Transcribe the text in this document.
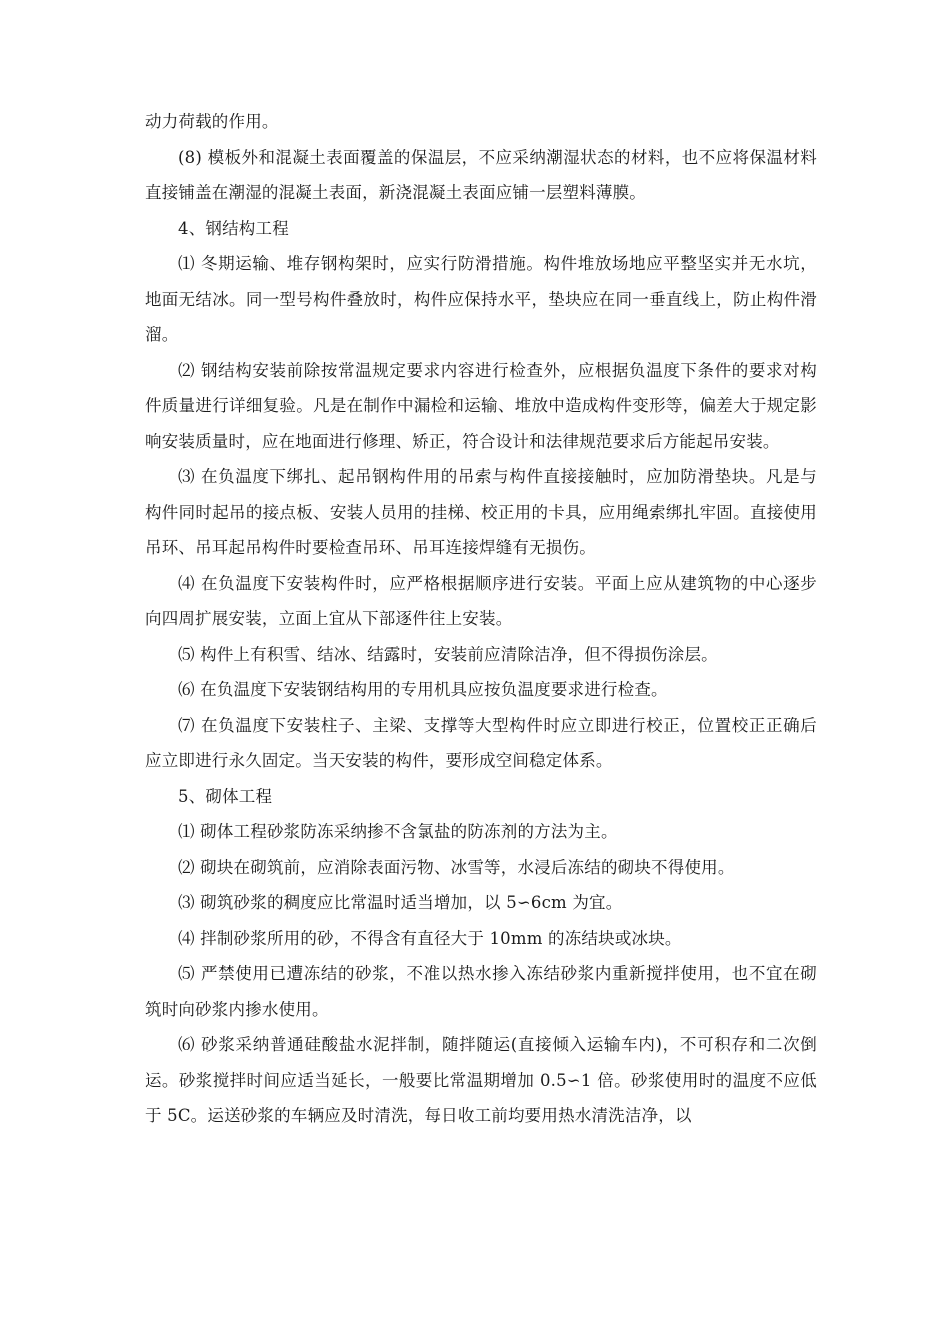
动力荷载的作用。

(8) 模板外和混凝土表面覆盖的保温层，不应采纳潮湿状态的材料，也不应将保温材料直接铺盖在潮湿的混凝土表面，新浇混凝土表面应铺一层塑料薄膜。

4、钢结构工程

⑴ 冬期运输、堆存钢构架时，应实行防滑措施。构件堆放场地应平整坚实并无水坑，地面无结冰。同一型号构件叠放时，构件应保持水平，垫块应在同一垂直线上，防止构件滑溜。

⑵ 钢结构安装前除按常温规定要求内容进行检查外，应根据负温度下条件的要求对构件质量进行详细复验。凡是在制作中漏检和运输、堆放中造成构件变形等，偏差大于规定影响安装质量时，应在地面进行修理、矫正，符合设计和法律规范要求后方能起吊安装。

⑶ 在负温度下绑扎、起吊钢构件用的吊索与构件直接接触时，应加防滑垫块。凡是与构件同时起吊的接点板、安装人员用的挂梯、校正用的卡具，应用绳索绑扎牢固。直接使用吊环、吊耳起吊构件时要检查吊环、吊耳连接焊缝有无损伤。

⑷ 在负温度下安装构件时，应严格根据顺序进行安装。平面上应从建筑物的中心逐步向四周扩展安装，立面上宜从下部逐件往上安装。

⑸ 构件上有积雪、结冰、结露时，安装前应清除洁净，但不得损伤涂层。

⑹ 在负温度下安装钢结构用的专用机具应按负温度要求进行检查。

⑺ 在负温度下安装柱子、主梁、支撑等大型构件时应立即进行校正，位置校正正确后应立即进行永久固定。当天安装的构件，要形成空间稳定体系。

5、砌体工程

⑴ 砌体工程砂浆防冻采纳掺不含氯盐的防冻剂的方法为主。

⑵ 砌块在砌筑前，应消除表面污物、冰雪等，水浸后冻结的砌块不得使用。

⑶ 砌筑砂浆的稠度应比常温时适当增加，以 5∽6cm 为宜。

⑷ 拌制砂浆所用的砂，不得含有直径大于 10mm 的冻结块或冰块。

⑸ 严禁使用已遭冻结的砂浆，不准以热水掺入冻结砂浆内重新搅拌使用，也不宜在砌筑时向砂浆内掺水使用。

⑹ 砂浆采纳普通硅酸盐水泥拌制，随拌随运(直接倾入运输车内)，不可积存和二次倒运。砂浆搅拌时间应适当延长，一般要比常温期增加 0.5∽1 倍。砂浆使用时的温度不应低于 5C。运送砂浆的车辆应及时清洗，每日收工前均要用热水清洗洁净，以
